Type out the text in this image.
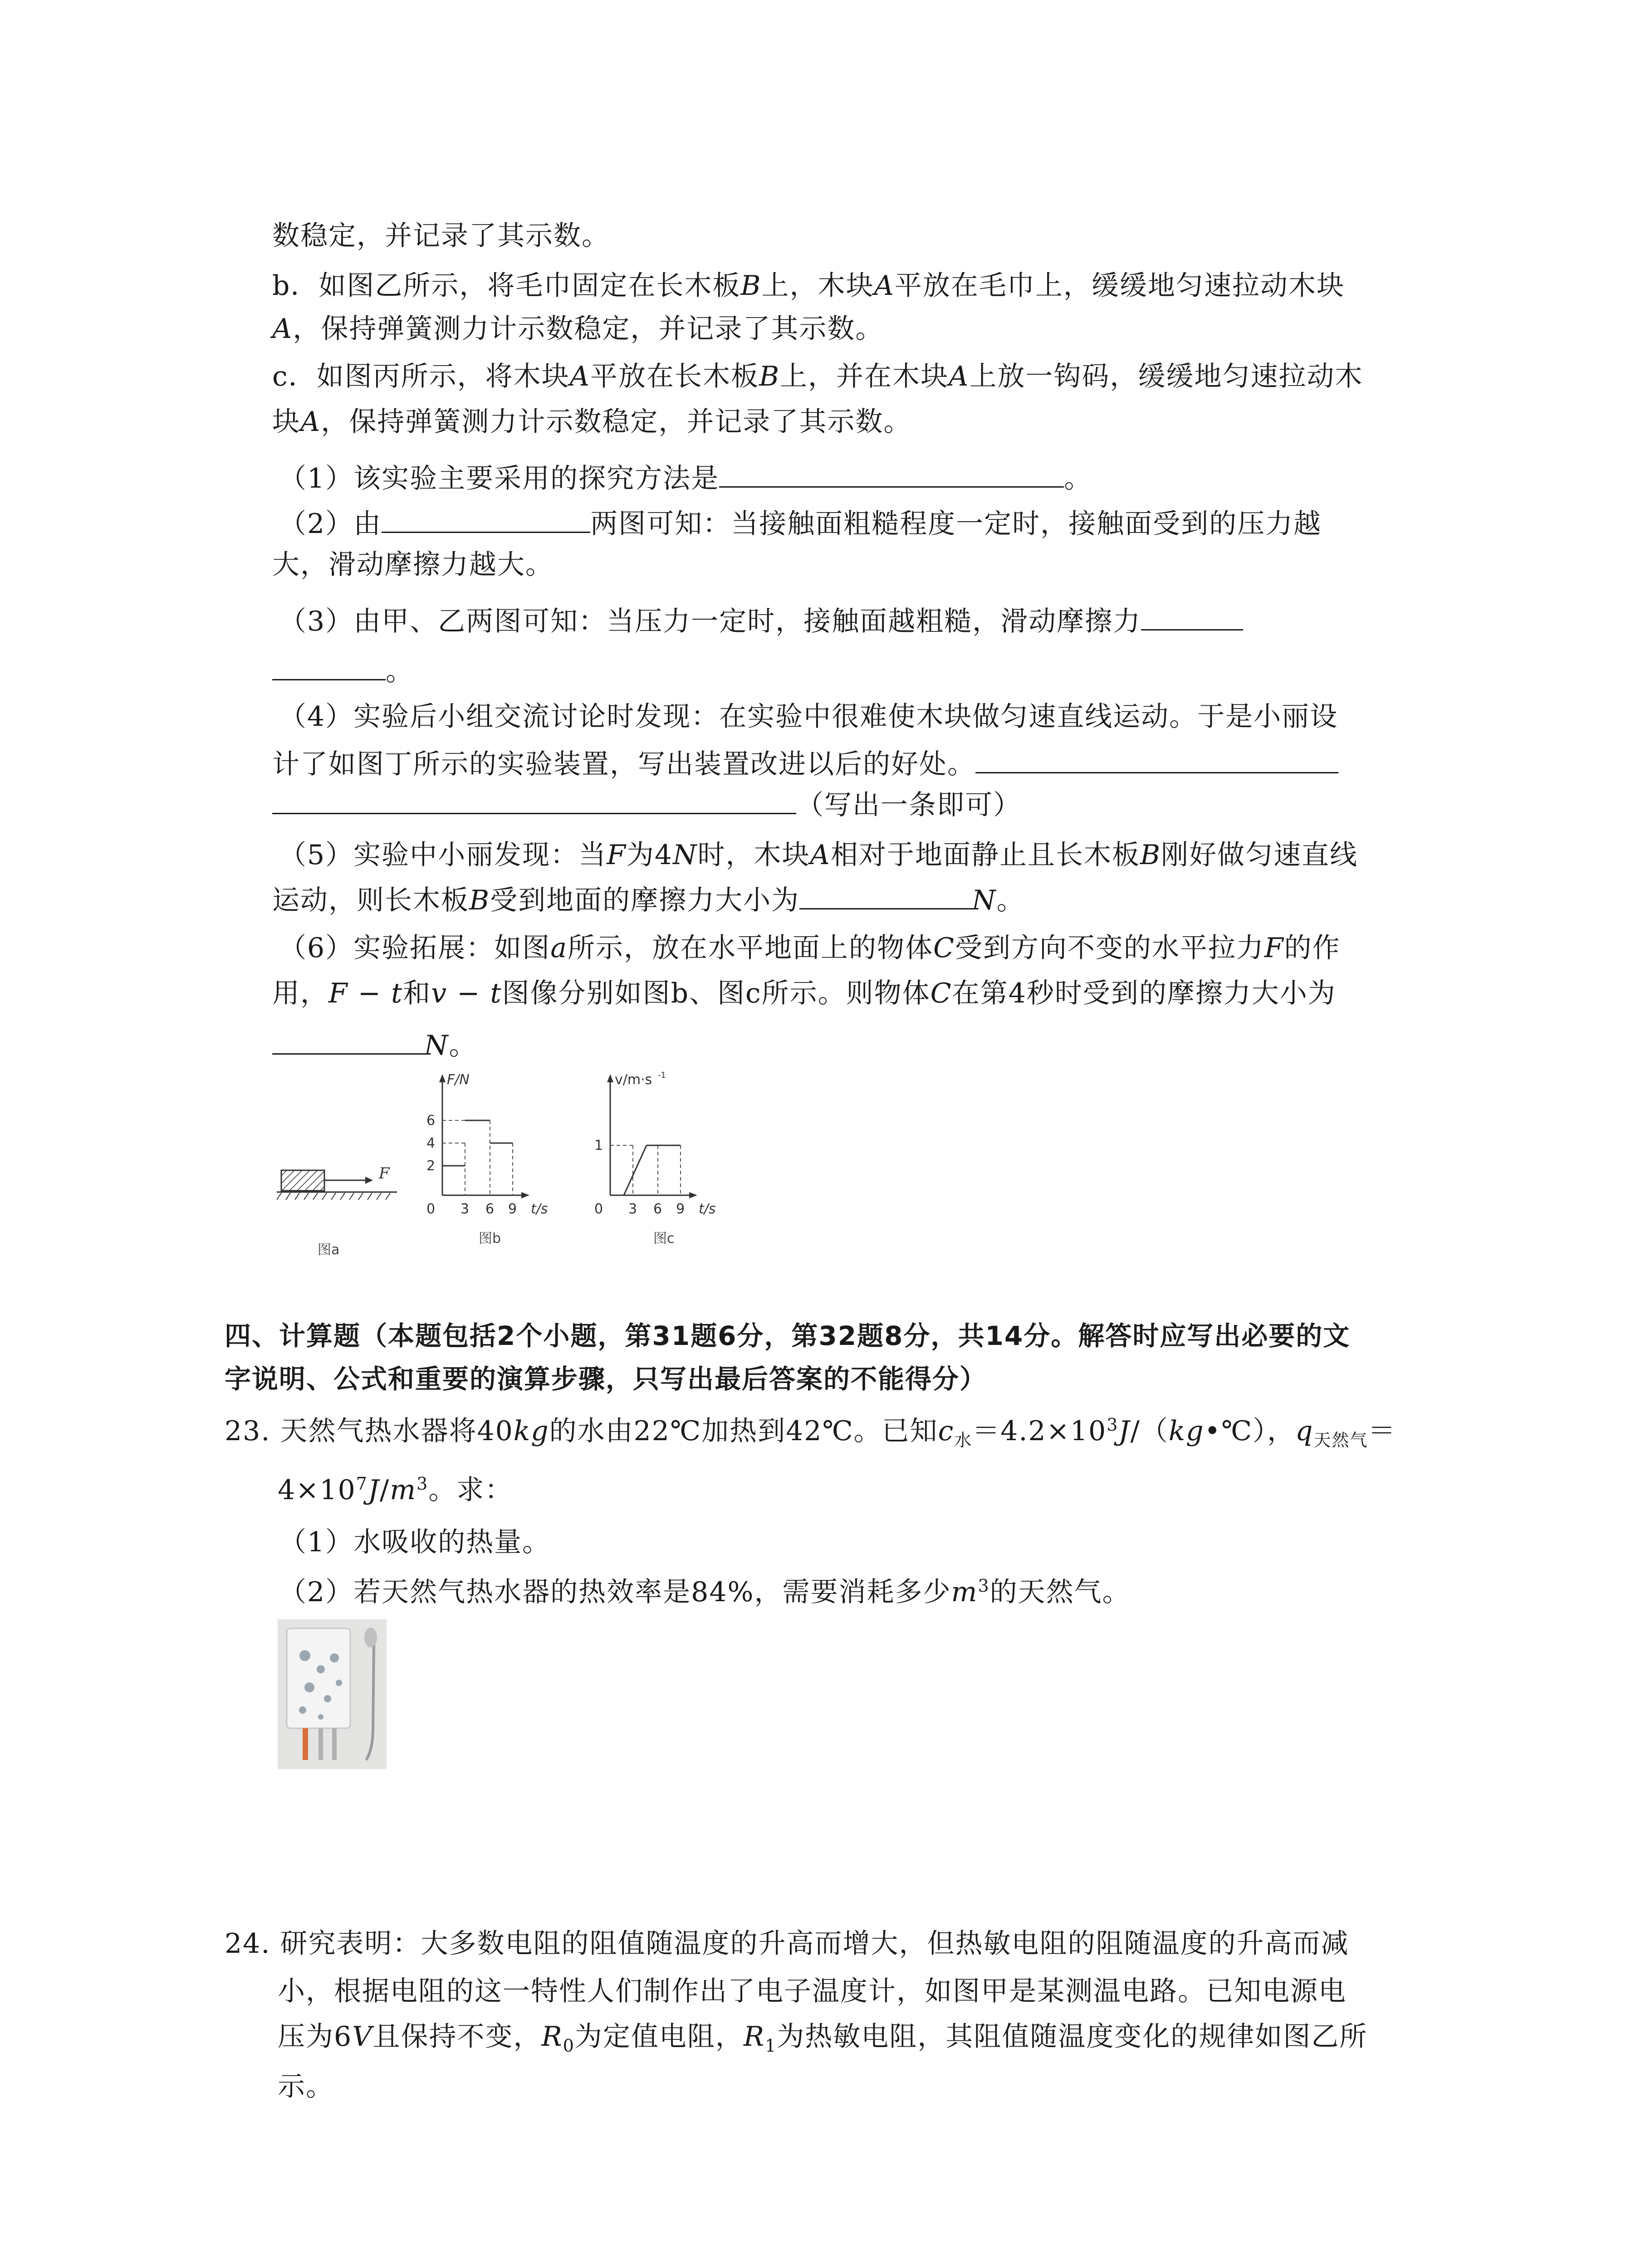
数稳定，并记录了其示数。
b．如图乙所示，将毛巾固定在长木板B上，木块A平放在毛巾上，缓缓地匀速拉动木块
A，保持弹簧测力计示数稳定，并记录了其示数。
c．如图丙所示，将木块A平放在长木板B上，并在木块A上放一钩码，缓缓地匀速拉动木
块A，保持弹簧测力计示数稳定，并记录了其示数。
（1）该实验主要采用的探究方法是	。
（2）由	两图可知：当接触面粗糙程度一定时，接触面受到的压力越
大，滑动摩擦力越大。
（3）由甲、乙两图可知：当压力一定时，接触面越粗糙，滑动摩擦力
。
（4）实验后小组交流讨论时发现：在实验中很难使木块做匀速直线运动。于是小丽设
计了如图丁所示的实验装置，写出装置改进以后的好处。
（写出一条即可）
（5）实验中小丽发现：当F为4N时，木块A相对于地面静止且长木板B刚好做匀速直线
运动，则长木板B受到地面的摩擦力大小为	N。
（6）实验拓展：如图a所示，放在水平地面上的物体C受到方向不变的水平拉力F的作
用，F − t和v − t图像分别如图b、图c所示。则物体C在第4秒时受到的摩擦力大小为
N。
F
图a
F/N
6
4
2
0 3 6 9 t/s
图b
v/m·s -1
1
0 3 6 9 t/s
图c
四、计算题（本题包括2个小题，第31题6分，第32题8分，共14分。解答时应写出必要的文
字说明、公式和重要的演算步骤，只写出最后答案的不能得分）
23. 天然气热水器将40kg的水由22℃加热到42℃。已知$c_水=4.2\times 10^3J/(kg•℃)$，$q_{天然气}=$
$4\times 10^7J/m^3$。求：
（1）水吸收的热量。
（2）若天然气热水器的热效率是84%，需要消耗多少$m^3$的天然气。
24. 研究表明：大多数电阻的阻值随温度的升高而增大，但热敏电阻的阻随温度的升高而减
小，根据电阻的这一特性人们制作出了电子温度计，如图甲是某测温电路。已知电源电
压为6V且保持不变，$R_0$为定值电阻，$R_1$为热敏电阻，其阻值随温度变化的规律如图乙所
示。
